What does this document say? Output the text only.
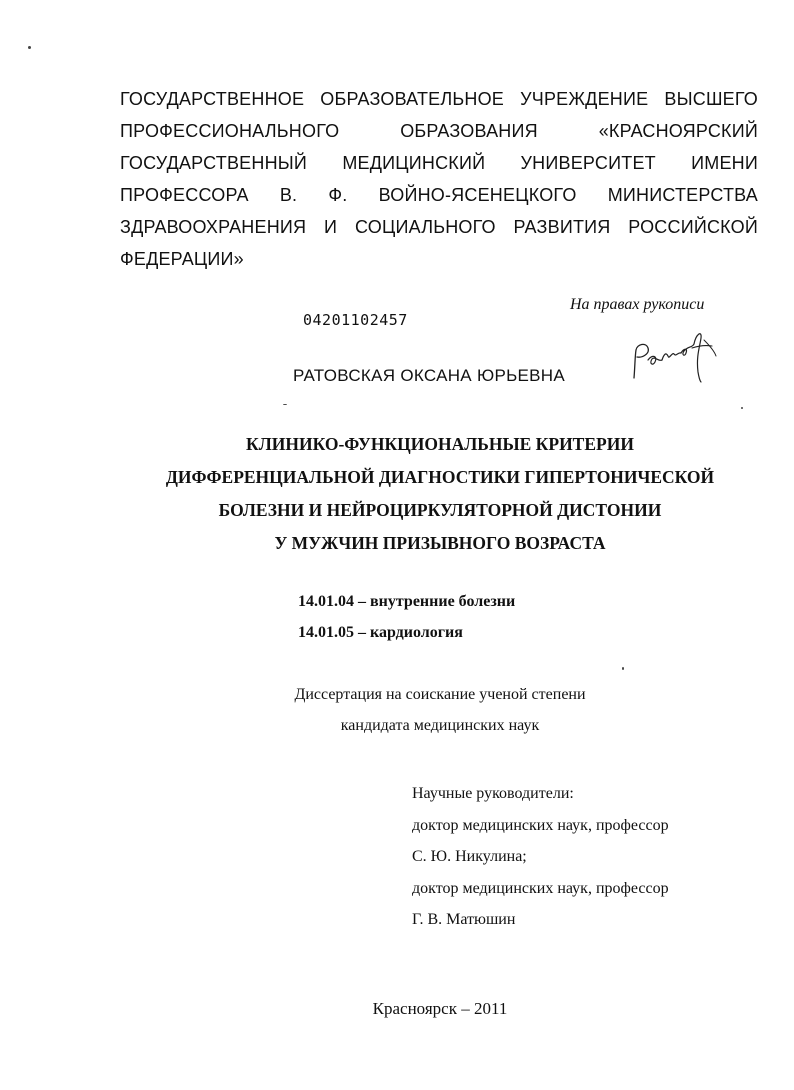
ГОСУДАРСТВЕННОЕ ОБРАЗОВАТЕЛЬНОЕ УЧРЕЖДЕНИЕ ВЫСШЕГО
ПРОФЕССИОНАЛЬНОГО	ОБРАЗОВАНИЯ	«КРАСНОЯРСКИЙ
ГОСУДАРСТВЕННЫЙ МЕДИЦИНСКИЙ УНИВЕРСИТЕТ ИМЕНИ
ПРОФЕССОРА В. Ф. ВОЙНО-ЯСЕНЕЦКОГО МИНИСТЕРСТВА
ЗДРАВООХРАНЕНИЯ И СОЦИАЛЬНОГО РАЗВИТИЯ РОССИЙСКОЙ
ФЕДЕРАЦИИ»
04201102457
На правах рукописи
РАТОВСКАЯ ОКСАНА ЮРЬЕВНА
КЛИНИКО-ФУНКЦИОНАЛЬНЫЕ КРИТЕРИИ
ДИФФЕРЕНЦИАЛЬНОЙ ДИАГНОСТИКИ ГИПЕРТОНИЧЕСКОЙ
БОЛЕЗНИ И НЕЙРОЦИРКУЛЯТОРНОЙ ДИСТОНИИ
У МУЖЧИН ПРИЗЫВНОГО ВОЗРАСТА
14.01.04 – внутренние болезни
14.01.05 – кардиология
Диссертация на соискание ученой степени
кандидата медицинских наук
Научные руководители:
доктор медицинских наук, профессор
С. Ю. Никулина;
доктор медицинских наук, профессор
Г. В. Матюшин
Красноярск – 2011
